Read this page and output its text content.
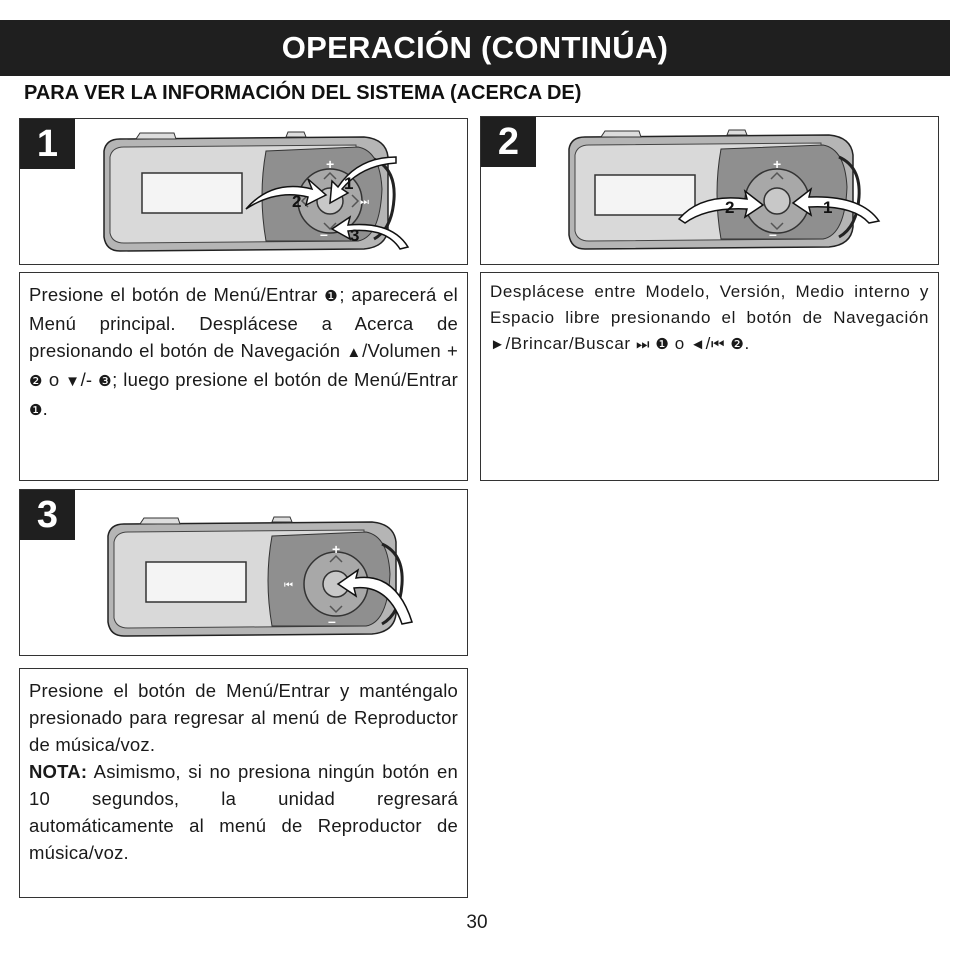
OPERACIÓN (CONTINÚA)
PARA VER LA INFORMACIÓN DEL SISTEMA (ACERCA DE)
1	+
–
⏭
2
1
3

Presione el botón de Menú/Entrar ❶; aparecerá el Menú principal. Desplácese a Acerca de presionando el botón de Navegación ▲/Volumen + ❷ o ▼/- ❸; luego presione el botón de Menú/Entrar ❶.

2
+
–
2	1

Desplácese entre Modelo, Versión, Medio interno y Espacio libre presionando el botón de Navegación ►/Brincar/Buscar ⏭ ❶ o ◄/⏮ ❷.

3
+
–
⏮

Presione el botón de Menú/Entrar y manténgalo presionado para regresar al menú de Reproductor de música/voz.
NOTA: Asimismo, si no presiona ningún botón en 10 segundos, la unidad regresará automáticamente al menú de Reproductor de música/voz.

30
